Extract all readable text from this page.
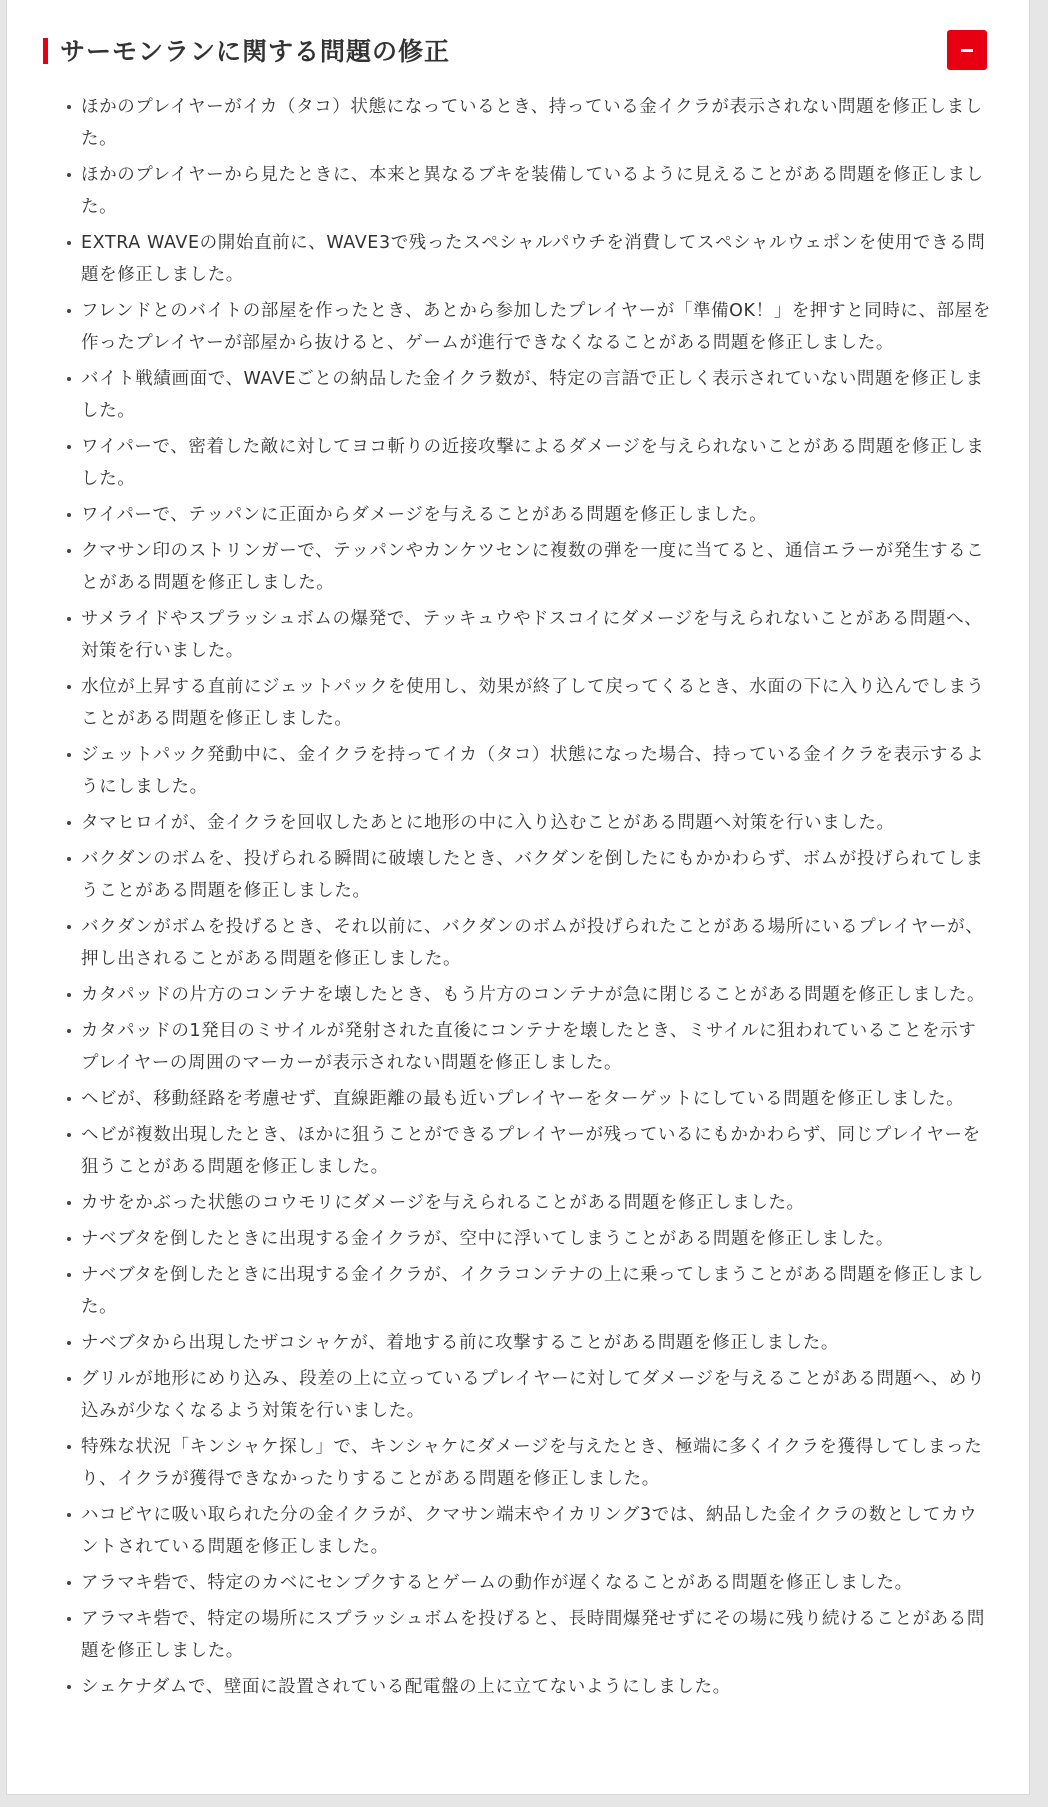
サーモンランに関する問題の修正
ほかのプレイヤーがイカ（タコ）状態になっているとき、持っている金イクラが表示されない問題を修正しました。
ほかのプレイヤーから見たときに、本来と異なるブキを装備しているように見えることがある問題を修正しました。
EXTRA WAVEの開始直前に、WAVE3で残ったスペシャルパウチを消費してスペシャルウェポンを使用できる問題を修正しました。
フレンドとのバイトの部屋を作ったとき、あとから参加したプレイヤーが「準備OK！」を押すと同時に、部屋を作ったプレイヤーが部屋から抜けると、ゲームが進行できなくなることがある問題を修正しました。
バイト戦績画面で、WAVEごとの納品した金イクラ数が、特定の言語で正しく表示されていない問題を修正しました。
ワイパーで、密着した敵に対してヨコ斬りの近接攻撃によるダメージを与えられないことがある問題を修正しました。
ワイパーで、テッパンに正面からダメージを与えることがある問題を修正しました。
クマサン印のストリンガーで、テッパンやカンケツセンに複数の弾を一度に当てると、通信エラーが発生することがある問題を修正しました。
サメライドやスプラッシュボムの爆発で、テッキュウやドスコイにダメージを与えられないことがある問題へ、対策を行いました。
水位が上昇する直前にジェットパックを使用し、効果が終了して戻ってくるとき、水面の下に入り込んでしまうことがある問題を修正しました。
ジェットパック発動中に、金イクラを持ってイカ（タコ）状態になった場合、持っている金イクラを表示するようにしました。
タマヒロイが、金イクラを回収したあとに地形の中に入り込むことがある問題へ対策を行いました。
バクダンのボムを、投げられる瞬間に破壊したとき、バクダンを倒したにもかかわらず、ボムが投げられてしまうことがある問題を修正しました。
バクダンがボムを投げるとき、それ以前に、バクダンのボムが投げられたことがある場所にいるプレイヤーが、押し出されることがある問題を修正しました。
カタパッドの片方のコンテナを壊したとき、もう片方のコンテナが急に閉じることがある問題を修正しました。
カタパッドの1発目のミサイルが発射された直後にコンテナを壊したとき、ミサイルに狙われていることを示すプレイヤーの周囲のマーカーが表示されない問題を修正しました。
ヘビが、移動経路を考慮せず、直線距離の最も近いプレイヤーをターゲットにしている問題を修正しました。
ヘビが複数出現したとき、ほかに狙うことができるプレイヤーが残っているにもかかわらず、同じプレイヤーを狙うことがある問題を修正しました。
カサをかぶった状態のコウモリにダメージを与えられることがある問題を修正しました。
ナベブタを倒したときに出現する金イクラが、空中に浮いてしまうことがある問題を修正しました。
ナベブタを倒したときに出現する金イクラが、イクラコンテナの上に乗ってしまうことがある問題を修正しました。
ナベブタから出現したザコシャケが、着地する前に攻撃することがある問題を修正しました。
グリルが地形にめり込み、段差の上に立っているプレイヤーに対してダメージを与えることがある問題へ、めり込みが少なくなるよう対策を行いました。
特殊な状況「キンシャケ探し」で、キンシャケにダメージを与えたとき、極端に多くイクラを獲得してしまったり、イクラが獲得できなかったりすることがある問題を修正しました。
ハコビヤに吸い取られた分の金イクラが、クマサン端末やイカリング3では、納品した金イクラの数としてカウントされている問題を修正しました。
アラマキ砦で、特定のカベにセンプクするとゲームの動作が遅くなることがある問題を修正しました。
アラマキ砦で、特定の場所にスプラッシュボムを投げると、長時間爆発せずにその場に残り続けることがある問題を修正しました。
シェケナダムで、壁面に設置されている配電盤の上に立てないようにしました。
